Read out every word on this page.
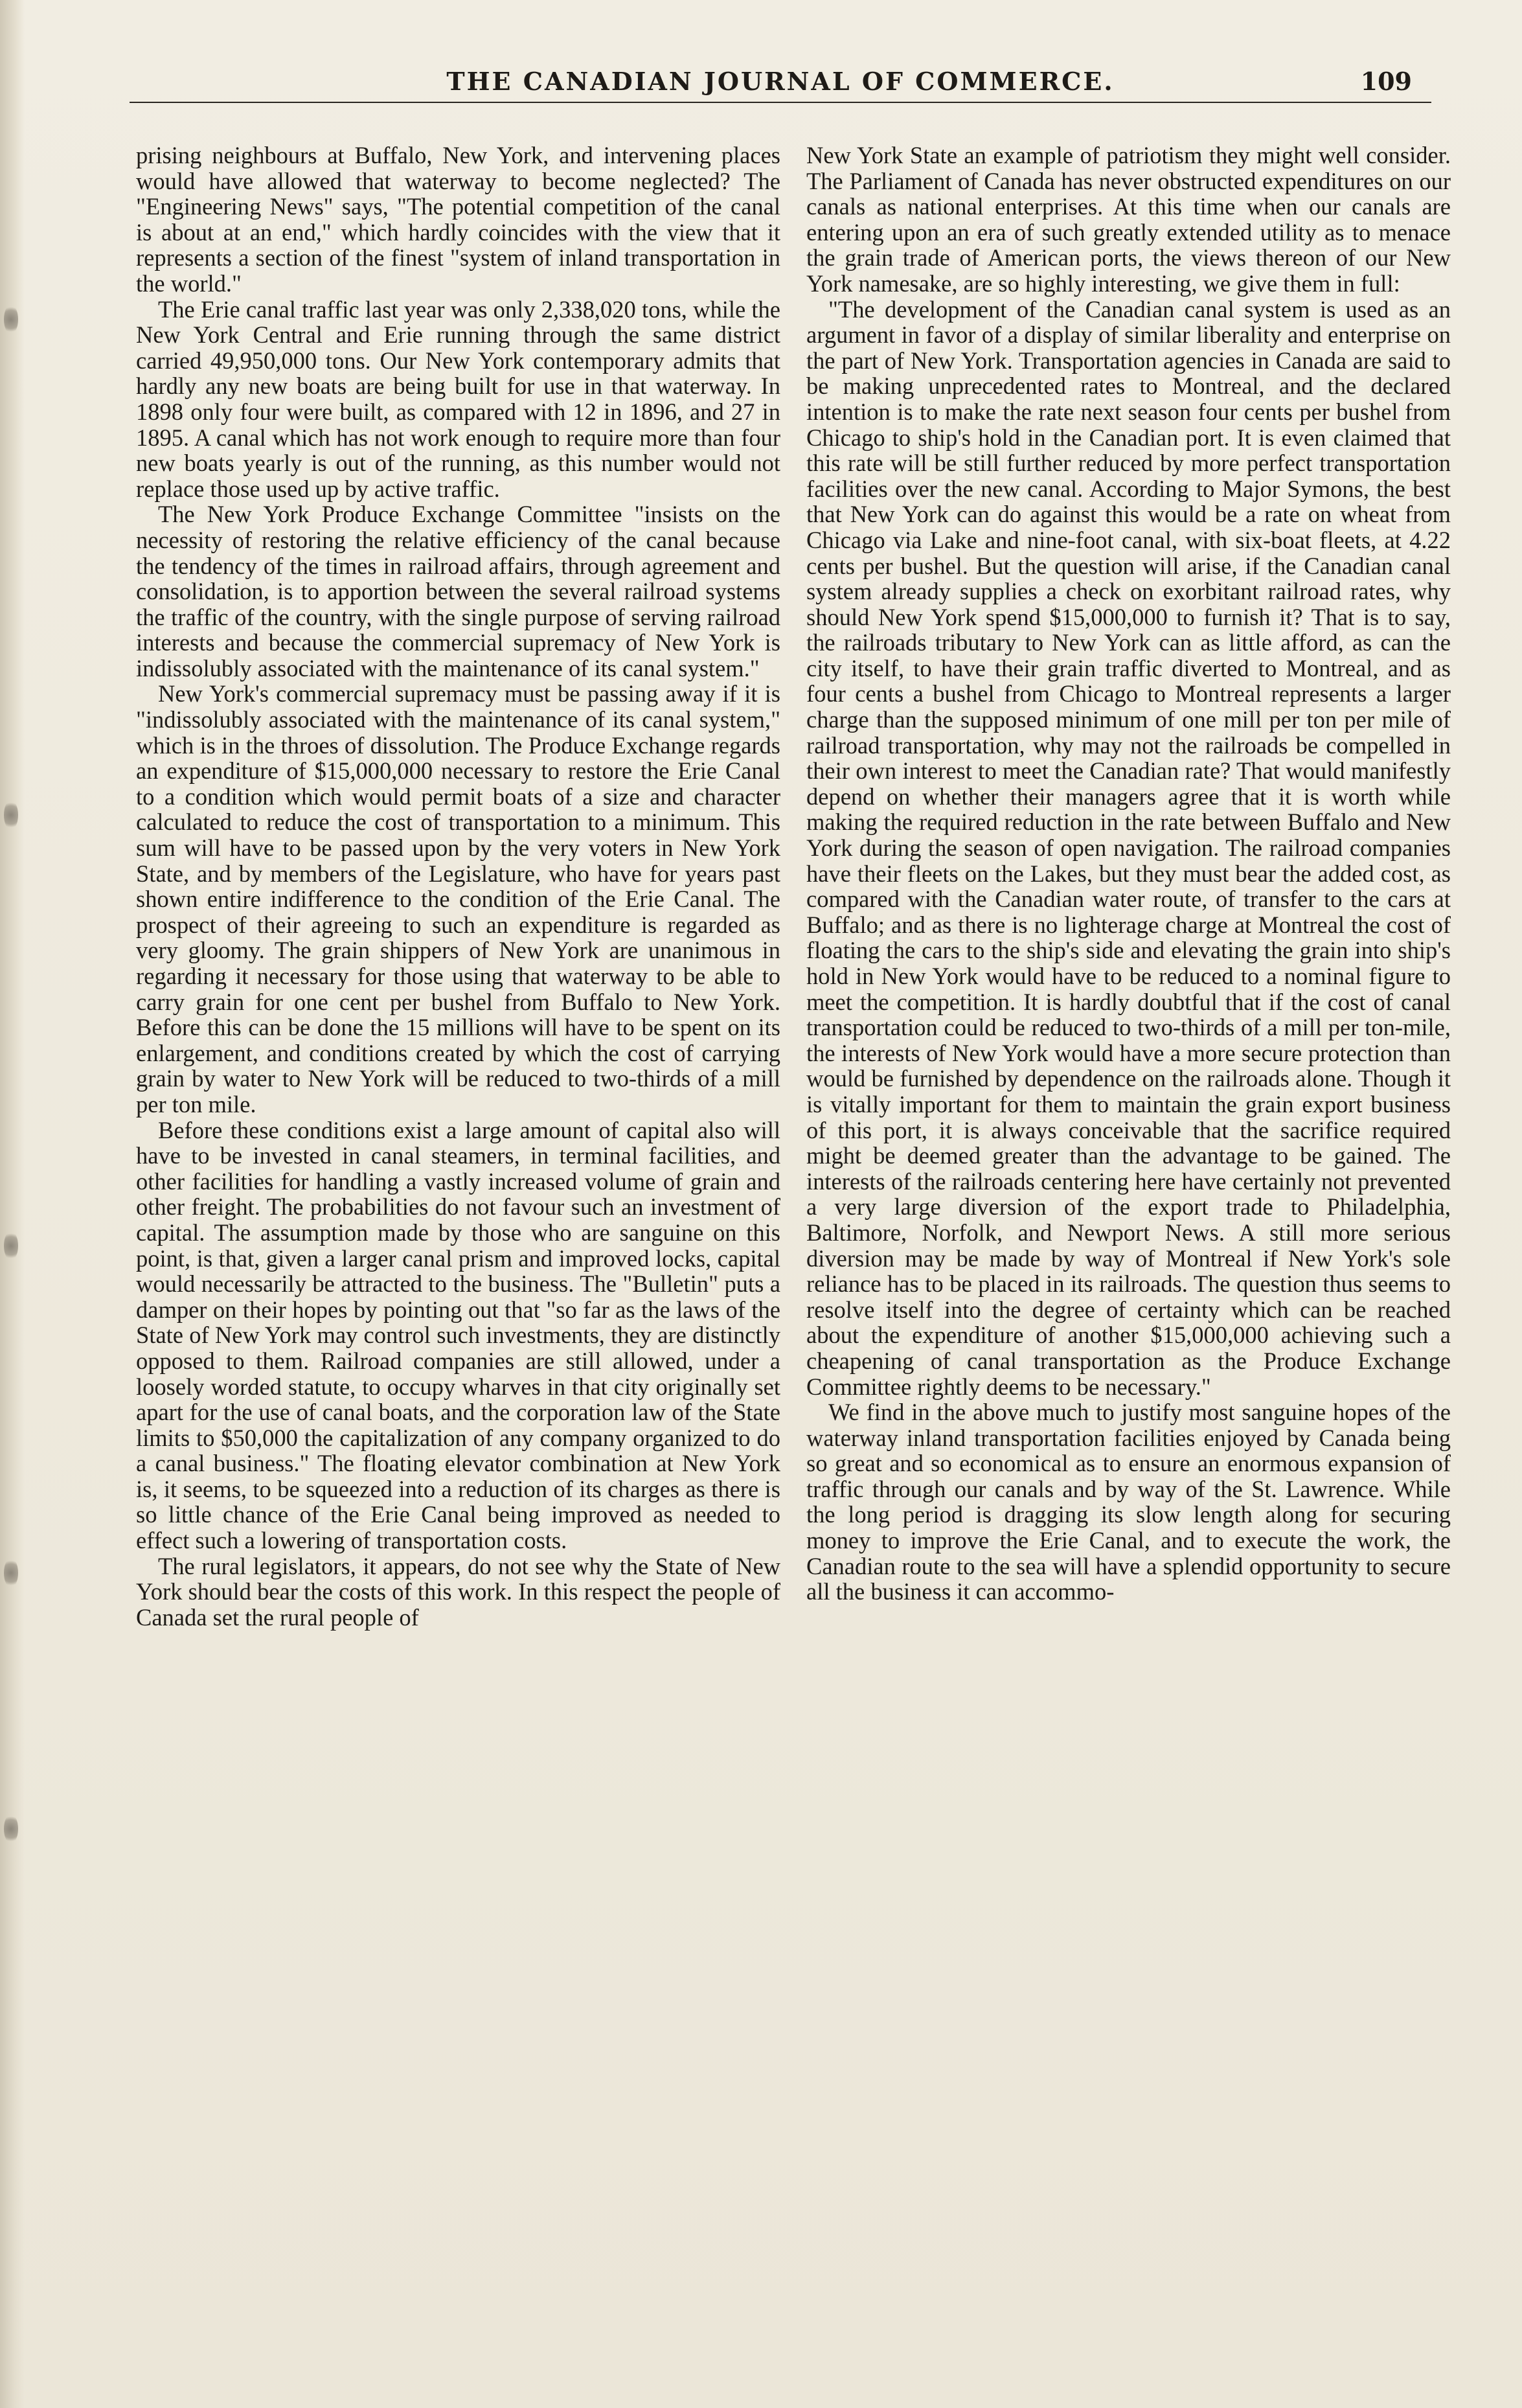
THE CANADIAN JOURNAL OF COMMERCE.	109

prising neighbours at Buffalo, New York, and intervening places would have allowed that waterway to become neglected? The "Engineering News" says, "The potential competition of the canal is about at an end," which hardly coincides with the view that it represents a section of the finest "system of inland transportation in the world."

The Erie canal traffic last year was only 2,338,020 tons, while the New York Central and Erie running through the same district carried 49,950,000 tons. Our New York contemporary admits that hardly any new boats are being built for use in that waterway. In 1898 only four were built, as compared with 12 in 1896, and 27 in 1895. A canal which has not work enough to require more than four new boats yearly is out of the running, as this number would not replace those used up by active traffic.

The New York Produce Exchange Committee "insists on the necessity of restoring the relative efficiency of the canal because the tendency of the times in railroad affairs, through agreement and consolidation, is to apportion between the several railroad systems the traffic of the country, with the single purpose of serving railroad interests and because the commercial supremacy of New York is indissolubly associated with the maintenance of its canal system."

New York's commercial supremacy must be passing away if it is "indissolubly associated with the maintenance of its canal system," which is in the throes of dissolution. The Produce Exchange regards an expenditure of $15,000,000 necessary to restore the Erie Canal to a condition which would permit boats of a size and character calculated to reduce the cost of transportation to a minimum. This sum will have to be passed upon by the very voters in New York State, and by members of the Legislature, who have for years past shown entire indifference to the condition of the Erie Canal. The prospect of their agreeing to such an expenditure is regarded as very gloomy. The grain shippers of New York are unanimous in regarding it necessary for those using that waterway to be able to carry grain for one cent per bushel from Buffalo to New York. Before this can be done the 15 millions will have to be spent on its enlargement, and conditions created by which the cost of carrying grain by water to New York will be reduced to two-thirds of a mill per ton mile.

Before these conditions exist a large amount of capital also will have to be invested in canal steamers, in terminal facilities, and other facilities for handling a vastly increased volume of grain and other freight. The probabilities do not favour such an investment of capital. The assumption made by those who are sanguine on this point, is that, given a larger canal prism and improved locks, capital would necessarily be attracted to the business. The "Bulletin" puts a damper on their hopes by pointing out that "so far as the laws of the State of New York may control such investments, they are distinctly opposed to them. Railroad companies are still allowed, under a loosely worded statute, to occupy wharves in that city originally set apart for the use of canal boats, and the corporation law of the State limits to $50,000 the capitalization of any company organized to do a canal business." The floating elevator combination at New York is, it seems, to be squeezed into a reduction of its charges as there is so little chance of the Erie Canal being improved as needed to effect such a lowering of transportation costs.

The rural legislators, it appears, do not see why the State of New York should bear the costs of this work. In this respect the people of Canada set the rural people of

New York State an example of patriotism they might well consider. The Parliament of Canada has never obstructed expenditures on our canals as national enterprises. At this time when our canals are entering upon an era of such greatly extended utility as to menace the grain trade of American ports, the views thereon of our New York namesake, are so highly interesting, we give them in full:

"The development of the Canadian canal system is used as an argument in favor of a display of similar liberality and enterprise on the part of New York. Transportation agencies in Canada are said to be making unprecedented rates to Montreal, and the declared intention is to make the rate next season four cents per bushel from Chicago to ship's hold in the Canadian port. It is even claimed that this rate will be still further reduced by more perfect transportation facilities over the new canal. According to Major Symons, the best that New York can do against this would be a rate on wheat from Chicago via Lake and nine-foot canal, with six-boat fleets, at 4.22 cents per bushel. But the question will arise, if the Canadian canal system already supplies a check on exorbitant railroad rates, why should New York spend $15,000,000 to furnish it? That is to say, the railroads tributary to New York can as little afford, as can the city itself, to have their grain traffic diverted to Montreal, and as four cents a bushel from Chicago to Montreal represents a larger charge than the supposed minimum of one mill per ton per mile of railroad transportation, why may not the railroads be compelled in their own interest to meet the Canadian rate? That would manifestly depend on whether their managers agree that it is worth while making the required reduction in the rate between Buffalo and New York during the season of open navigation. The railroad companies have their fleets on the Lakes, but they must bear the added cost, as compared with the Canadian water route, of transfer to the cars at Buffalo; and as there is no lighterage charge at Montreal the cost of floating the cars to the ship's side and elevating the grain into ship's hold in New York would have to be reduced to a nominal figure to meet the competition. It is hardly doubtful that if the cost of canal transportation could be reduced to two-thirds of a mill per ton-mile, the interests of New York would have a more secure protection than would be furnished by dependence on the railroads alone. Though it is vitally important for them to maintain the grain export business of this port, it is always conceivable that the sacrifice required might be deemed greater than the advantage to be gained. The interests of the railroads centering here have certainly not prevented a very large diversion of the export trade to Philadelphia, Baltimore, Norfolk, and Newport News. A still more serious diversion may be made by way of Montreal if New York's sole reliance has to be placed in its railroads. The question thus seems to resolve itself into the degree of certainty which can be reached about the expenditure of another $15,000,000 achieving such a cheapening of canal transportation as the Produce Exchange Committee rightly deems to be necessary."

We find in the above much to justify most sanguine hopes of the waterway inland transportation facilities enjoyed by Canada being so great and so economical as to ensure an enormous expansion of traffic through our canals and by way of the St. Lawrence. While the long period is dragging its slow length along for securing money to improve the Erie Canal, and to execute the work, the Canadian route to the sea will have a splendid opportunity to secure all the business it can accommo-
